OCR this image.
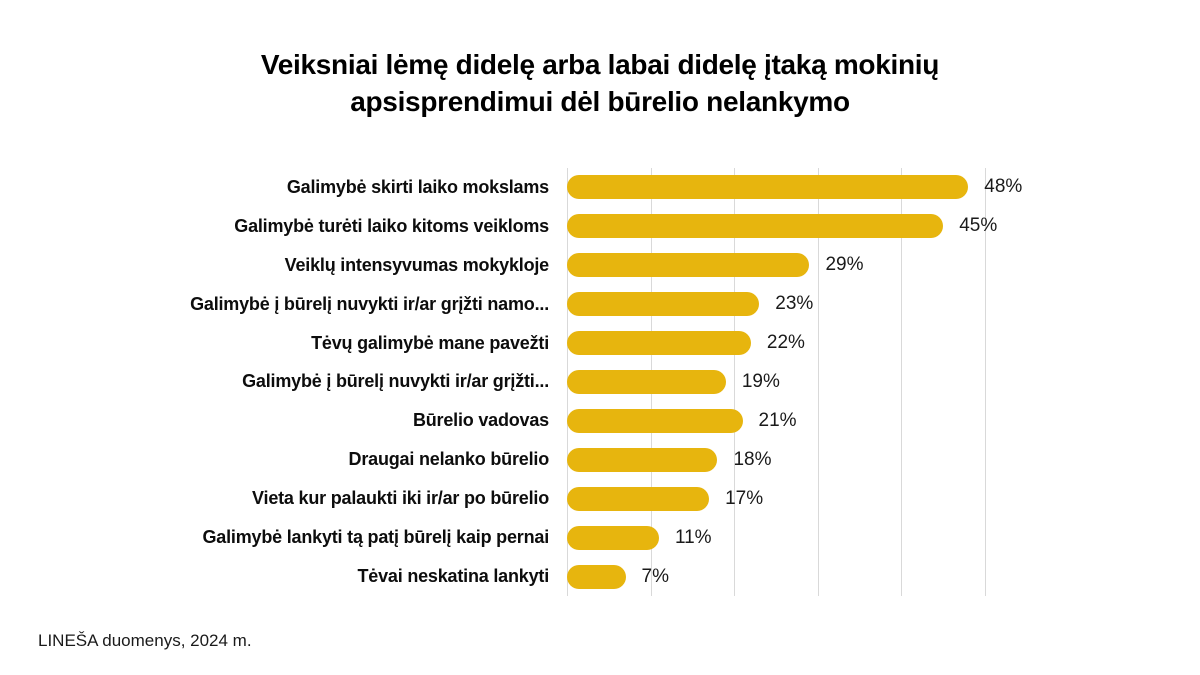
Veiksniai lėmę didelę arba labai didelę įtaką mokinių
apsisprendimui dėl būrelio nelankymo
Galimybė skirti laiko mokslams	48%
Galimybė turėti laiko kitoms veikloms	45%
Veiklų intensyvumas mokykloje	29%
Galimybė į būrelį nuvykti ir/ar grįžti namo...	23%
Tėvų galimybė mane pavežti	22%
Galimybė į būrelį nuvykti ir/ar grįžti...	19%
Būrelio vadovas	21%
Draugai nelanko būrelio	18%
Vieta kur palaukti iki ir/ar po būrelio	17%
Galimybė lankyti tą patį būrelį kaip pernai	11%
Tėvai neskatina lankyti	7%
LINEŠA duomenys, 2024 m.
